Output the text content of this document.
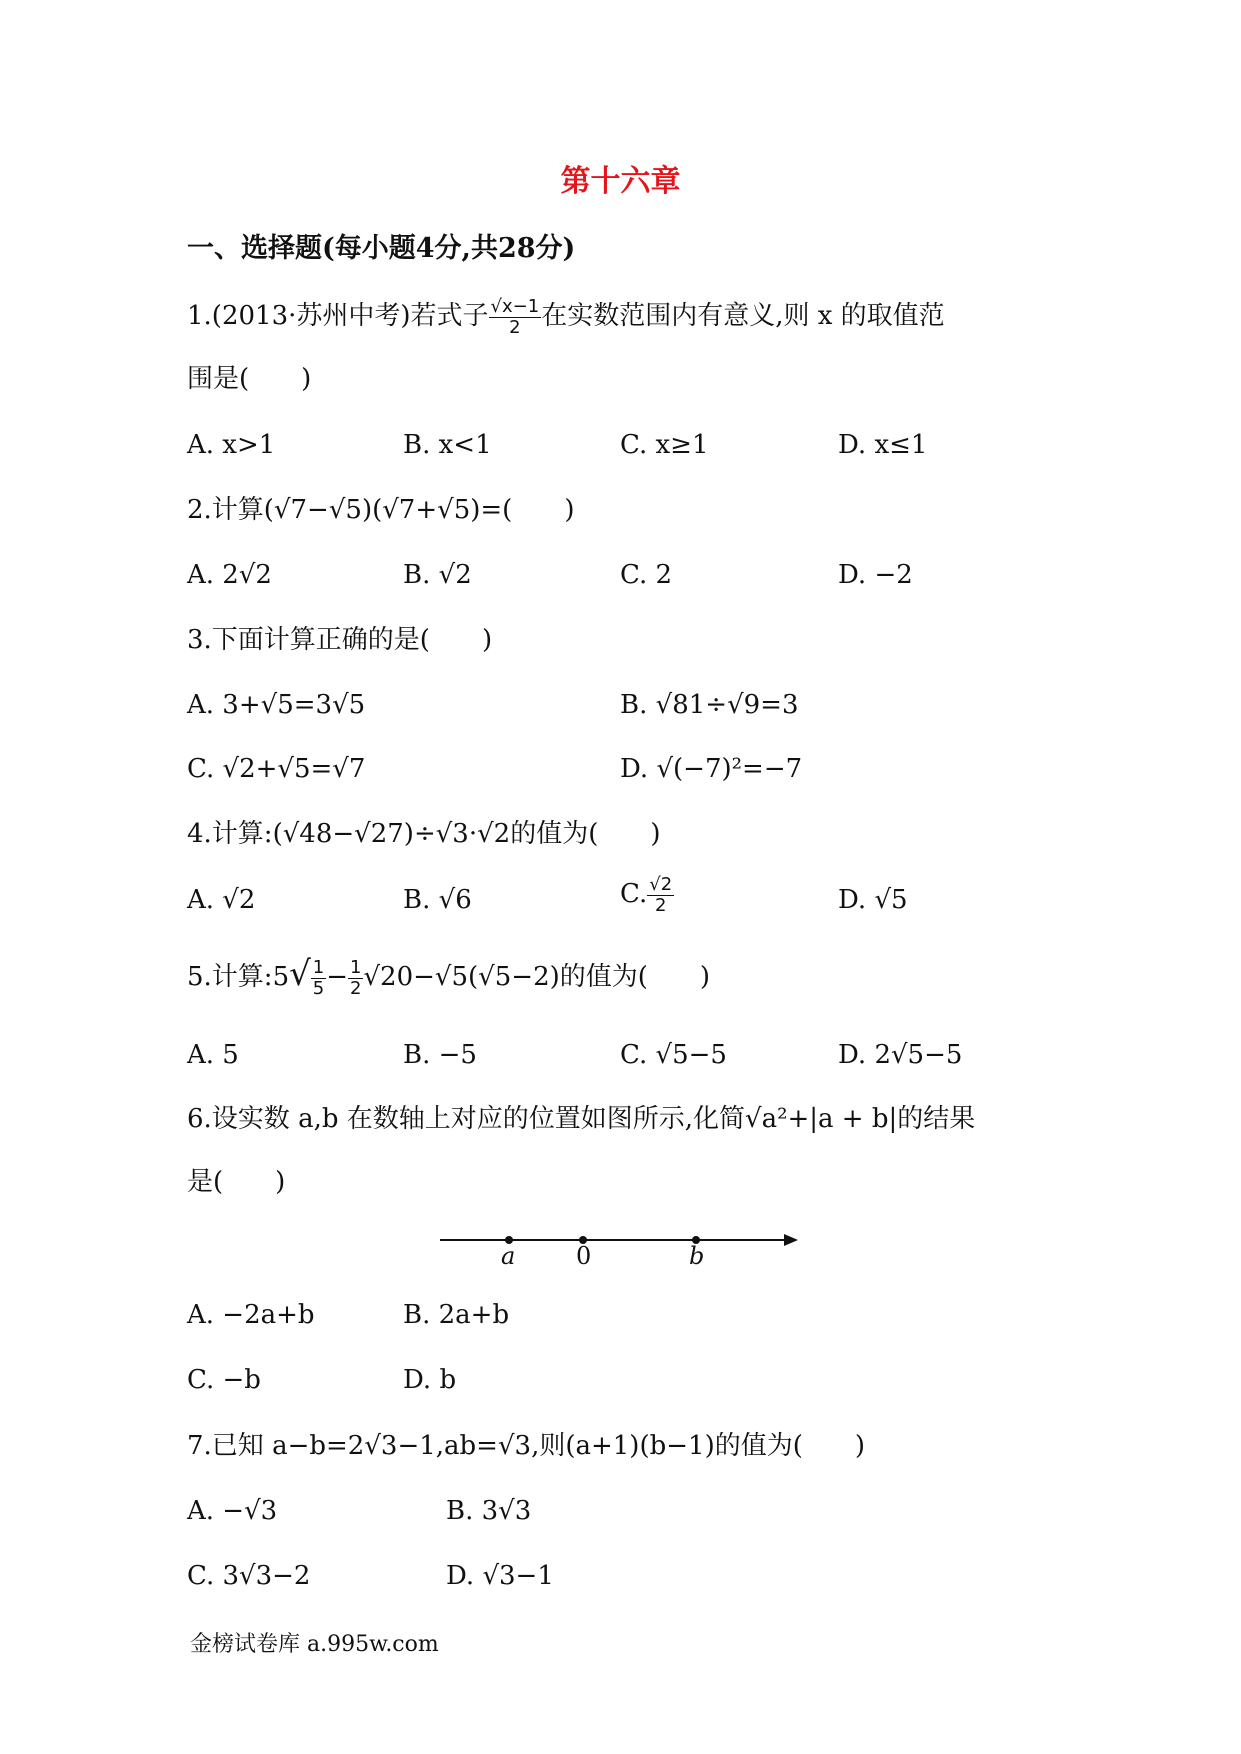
第十六章
一、选择题(每小题4分,共28分)
1.(2013·苏州中考)若式子 $\frac{√x-1}{2}$ 在实数范围内有意义,则 x 的取值范
围是(　　)
A. x>1	B. x<1	C. x≥1	D. x≤1
2.计算(√7−√5)(√7+√5)=(　　)
A. 2√2	B. √2	C. 2	D. −2
3.下面计算正确的是(　　)
A. 3+√5=3√5	B. √81÷√9=3
C. √2+√5=√7	D. √(−7)²=−7
4.计算:(√48−√27)÷√3·√2的值为(　　)
A. √2	B. √6	C. $\frac{√2}{2}$	D. √5
5.计算:5√ $\frac{1}{5} - \frac{1}{2} √20-√5(√5-2)$的值为(　　)
A. 5	B. −5	C. √5−5	D. 2√5−5
6.设实数 a,b 在数轴上对应的位置如图所示,化简√a²+|a + b|的结果
是(　　)
a	0	b
A. −2a+b	B. 2a+b
C. −b	D. b
7.已知 a−b=2√3−1,ab=√3,则(a+1)(b−1)的值为(　　)
A. −√3	B. 3√3
C. 3√3−2	D. √3−1
金榜试卷库 a.995w.com
